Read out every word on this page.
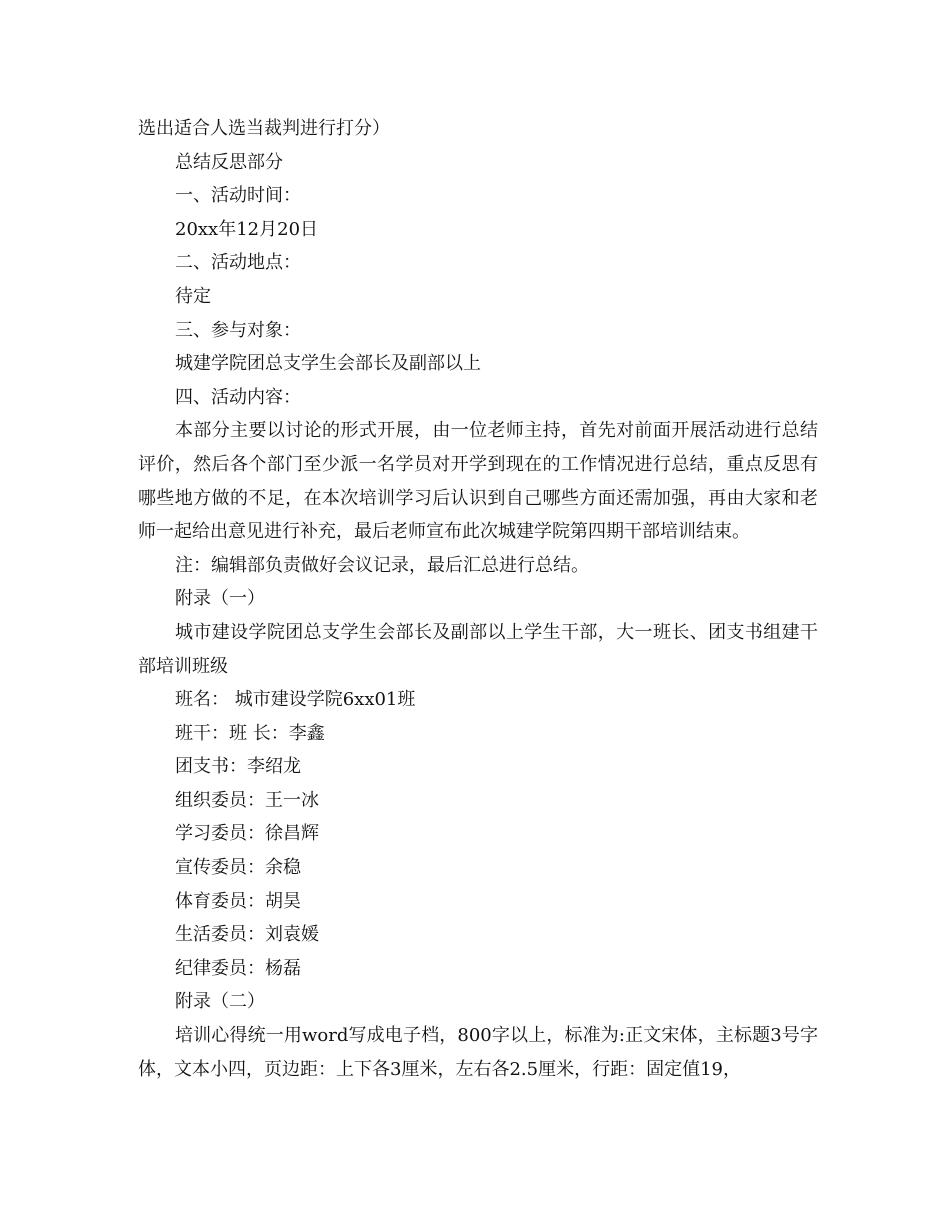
选出适合人选当裁判进行打分）

总结反思部分

一、活动时间：

20xx年12月20日

二、活动地点：

待定

三、参与对象：

城建学院团总支学生会部长及副部以上

四、活动内容：

本部分主要以讨论的形式开展，由一位老师主持，首先对前面开展活动进行总结评价，然后各个部门至少派一名学员对开学到现在的工作情况进行总结，重点反思有哪些地方做的不足，在本次培训学习后认识到自己哪些方面还需加强，再由大家和老师一起给出意见进行补充，最后老师宣布此次城建学院第四期干部培训结束。

注：编辑部负责做好会议记录，最后汇总进行总结。

附录（一）

城市建设学院团总支学生会部长及副部以上学生干部，大一班长、团支书组建干部培训班级

班名： 城市建设学院6xx01班

班干：班 长：李鑫

团支书：李绍龙

组织委员：王一冰

学习委员：徐昌辉

宣传委员：余稳

体育委员：胡昊

生活委员：刘袁媛

纪律委员：杨磊

附录（二）

培训心得统一用word写成电子档，800字以上，标准为:正文宋体，主标题3号字体，文本小四，页边距：上下各3厘米，左右各2.5厘米，行距：固定值19，
